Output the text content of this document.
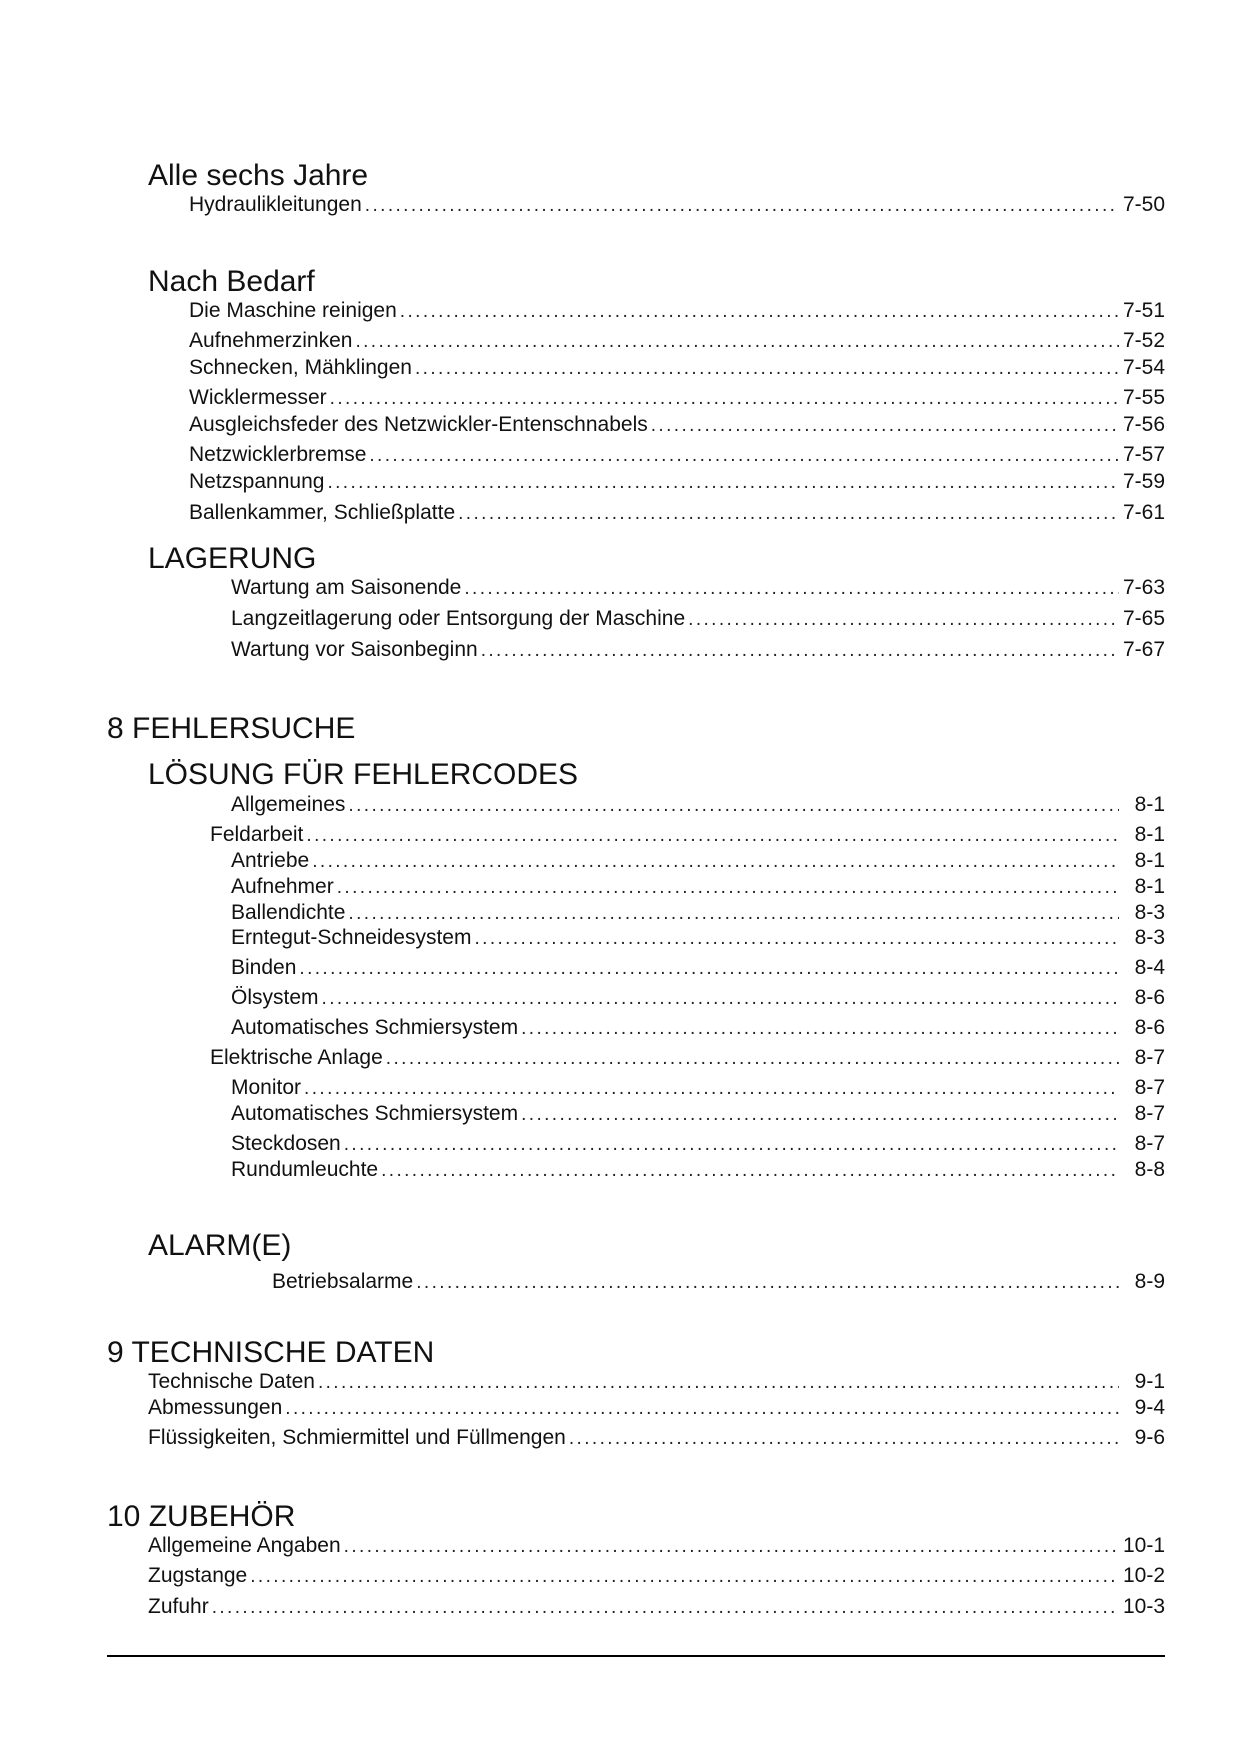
Alle sechs Jahre
Hydraulikleitungen .....	7-50
Nach Bedarf
Die Maschine reinigen .....	7-51
Aufnehmerzinken .....	7-52
Schnecken, Mähklingen .....	7-54
Wicklermesser .....	7-55
Ausgleichsfeder des Netzwickler-Entenschnabels .....	7-56
Netzwicklerbremse .....	7-57
Netzspannung .....	7-59
Ballenkammer, Schließplatte .....	7-61
LAGERUNG
Wartung am Saisonende .....	7-63
Langzeitlagerung oder Entsorgung der Maschine .....	7-65
Wartung vor Saisonbeginn .....	7-67
8 FEHLERSUCHE
LÖSUNG FÜR FEHLERCODES
Allgemeines .....	8-1
Feldarbeit .....	8-1
Antriebe .....	8-1
Aufnehmer .....	8-1
Ballendichte .....	8-3
Erntegut-Schneidesystem .....	8-3
Binden .....	8-4
Ölsystem .....	8-6
Automatisches Schmiersystem .....	8-6
Elektrische Anlage .....	8-7
Monitor .....	8-7
Automatisches Schmiersystem .....	8-7
Steckdosen .....	8-7
Rundumleuchte .....	8-8
ALARM(E)
Betriebsalarme .....	8-9
9 TECHNISCHE DATEN
Technische Daten .....	9-1
Abmessungen .....	9-4
Flüssigkeiten, Schmiermittel und Füllmengen .....	9-6
10 ZUBEHÖR
Allgemeine Angaben .....	10-1
Zugstange .....	10-2
Zufuhr .....	10-3
